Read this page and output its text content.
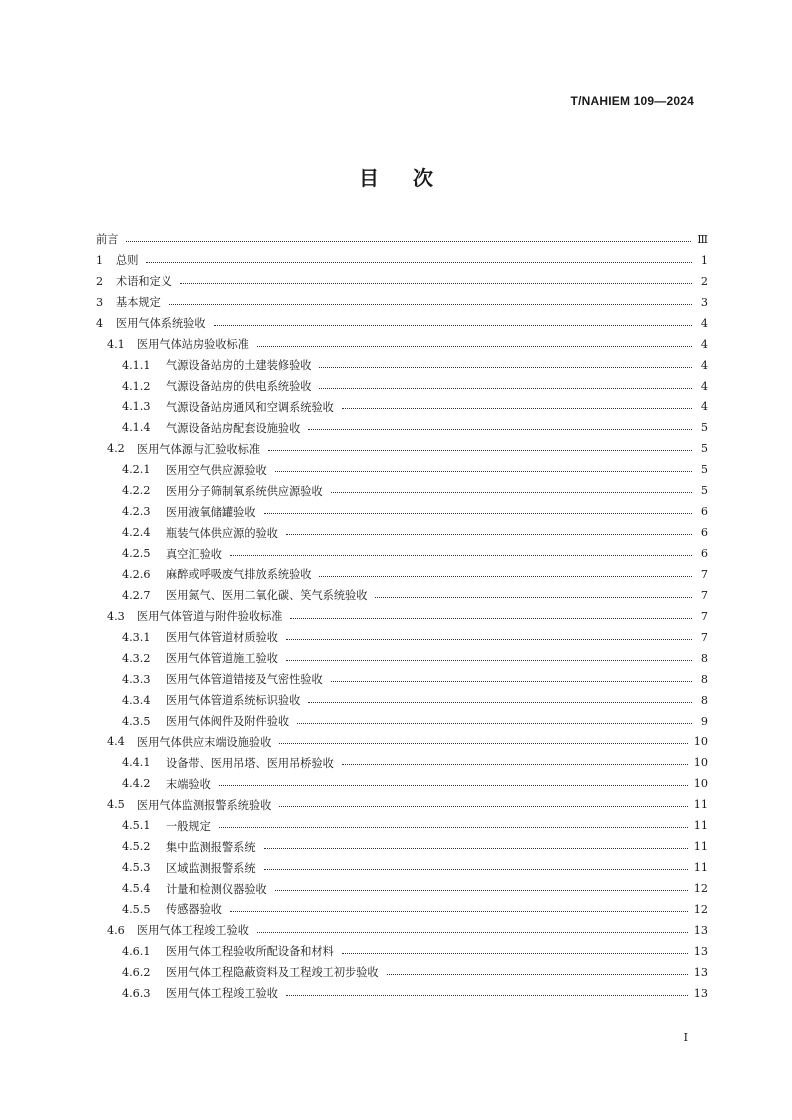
T/NAHIEM 109—2024
目 次
前言	Ⅲ
1	总则	1
2	术语和定义	2
3	基本规定	3
4	医用气体系统验收	4
4.1	医用气体站房验收标准	4
4.1.1	气源设备站房的土建装修验收	4
4.1.2	气源设备站房的供电系统验收	4
4.1.3	气源设备站房通风和空调系统验收	4
4.1.4	气源设备站房配套设施验收	5
4.2	医用气体源与汇验收标准	5
4.2.1	医用空气供应源验收	5
4.2.2	医用分子筛制氧系统供应源验收	5
4.2.3	医用液氧储罐验收	6
4.2.4	瓶装气体供应源的验收	6
4.2.5	真空汇验收	6
4.2.6	麻醉或呼吸废气排放系统验收	7
4.2.7	医用氮气、医用二氧化碳、笑气系统验收	7
4.3	医用气体管道与附件验收标准	7
4.3.1	医用气体管道材质验收	7
4.3.2	医用气体管道施工验收	8
4.3.3	医用气体管道错接及气密性验收	8
4.3.4	医用气体管道系统标识验收	8
4.3.5	医用气体阀件及附件验收	9
4.4	医用气体供应末端设施验收	10
4.4.1	设备带、医用吊塔、医用吊桥验收	10
4.4.2	末端验收	10
4.5	医用气体监测报警系统验收	11
4.5.1	一般规定	11
4.5.2	集中监测报警系统	11
4.5.3	区域监测报警系统	11
4.5.4	计量和检测仪器验收	12
4.5.5	传感器验收	12
4.6	医用气体工程竣工验收	13
4.6.1	医用气体工程验收所配设备和材料	13
4.6.2	医用气体工程隐蔽资料及工程竣工初步验收	13
4.6.3	医用气体工程竣工验收	13
I
